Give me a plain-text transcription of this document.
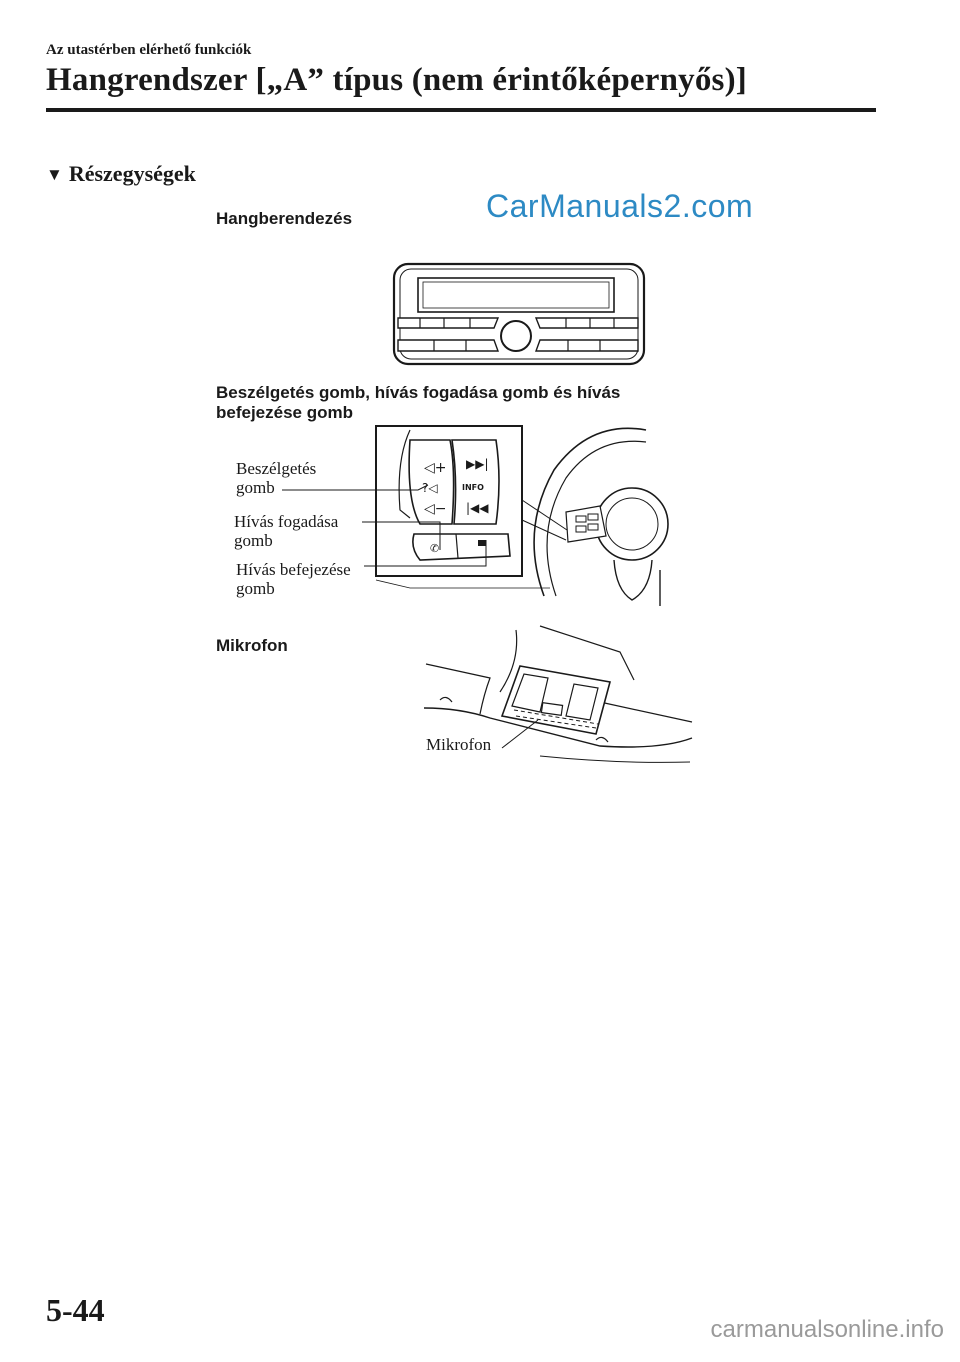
Az utastérben elérhető funkciók
Hangrendszer [„A” típus (nem érintőképernyős)]
▼ Részegységek
CarManuals2.com
Hangberendezés
Beszélgetés gomb, hívás fogadása gomb és hívás
befejezése gomb
◁+
?◁
◁−
▶▶|
INFO
|◀◀
✆
Beszélgetés
gomb
Hívás fogadása
gomb
Hívás befejezése
gomb
Mikrofon
Mikrofon
5-44
carmanualsonline.info
